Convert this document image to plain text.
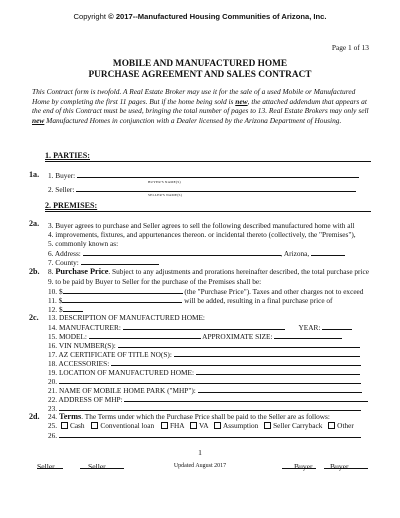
Copyright © 2017--Manufactured Housing Communities of Arizona, Inc.
Page 1 of 13
MOBILE AND MANUFACTURED HOME
PURCHASE AGREEMENT AND SALES CONTRACT
This Contract form is twofold. A Real Estate Broker may use it for the sale of a used Mobile or Manufactured Home by completing the first 11 pages. But if the home being sold is new, the attached addendum that appears at the end of this Contract must be used, bringing the total number of pages to 13. Real Estate Brokers may only sell new Manufactured Homes in conjunction with a Dealer licensed by the Arizona Department of Housing.
1. PARTIES:
1a. 1. Buyer:
BUYER'S NAME(S)
2. Seller:
SELLER'S NAME(S)
2. PREMISES:
2a. 3. Buyer agrees to purchase and Seller agrees to sell the following described manufactured home with all
4. improvements, fixtures, and appurtenances thereon. or incidental thereto (collectively, the "Premises"),
5. commonly known as:
6. Address:	, Arizona,
7. County:
2b. 8. Purchase Price. Subject to any adjustments and prorations hereinafter described, the total purchase price
9. to be paid by Buyer to Seller for the purchase of the Premises shall be:
10. $	(the "Purchase Price"). Taxes and other charges not to exceed
11. $	will be added, resulting in a final purchase price of
12. $
2c. 13. DESCRIPTION OF MANUFACTURED HOME:
14. MANUFACTURER:	YEAR:
15. MODEL:	APPROXIMATE SIZE:
16. VIN NUMBER(S):
17. AZ CERTIFICATE OF TITLE NO(S):
18. ACCESSORIES:
19. LOCATION OF MANUFACTURED HOME:
20.
21. NAME OF MOBILE HOME PARK ("MHP"):
22. ADDRESS OF MHP:
23.
2d. 24. Terms. The Terms under which the Purchase Price shall be paid to the Seller are as follows:
25. Cash Conventional loan FHA VA Assumption Seller Carryback Other
26.
1
Seller	Seller	Updated August 2017	Buyer Buyer
